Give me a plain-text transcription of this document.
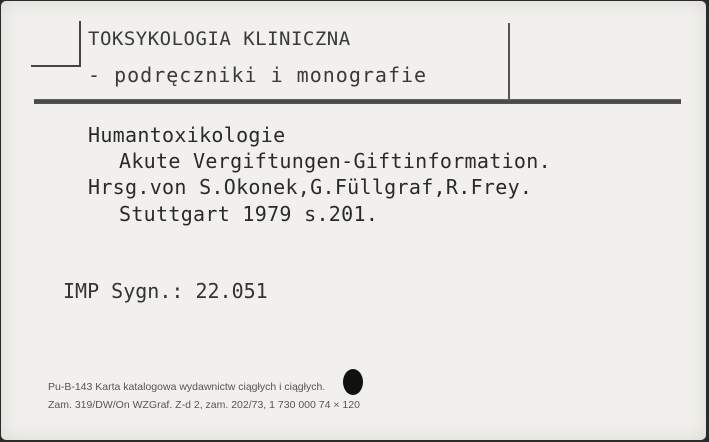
TOKSYKOLOGIA KLINICZNA
- podręczniki i monografie
Humantoxikologie
Akute Vergiftungen-Giftinformation.
Hrsg.von S.Okonek,G.Füllgraf,R.Frey.
Stuttgart 1979 s.201.
IMP Sygn.: 22.051
Pu-B-143 Karta katalogowa wydawnictw ciągłych i ciągłych.
Zam. 319/DW/On WZGraf. Z-d 2, zam. 202/73, 1 730 000 74 × 120
